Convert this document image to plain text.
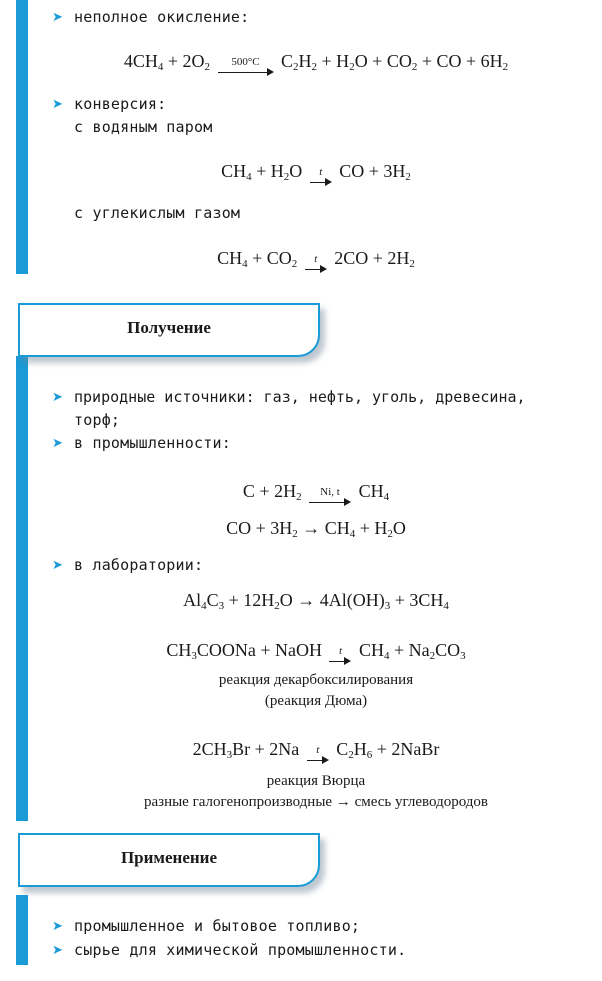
➤ неполное окисление:
$4CH_4 + 2O_2$	500°C	$C_2H_2 + H_2O + CO_2$ + CO + $6H_2$
➤ конверсия:
с водяным паром
$CH_4 + H_2O$	t CO + $3H_2$
с углекислым газом
$CH_4 + CO_2$	t $2CO + 2H_2$
Получение
➤ природные источники: газ, нефть, уголь, древесина,
торф;
➤ в промышленности:
$C + 2H_2$	Ni, t $CH_4$
CO + $3H_2 \to CH_4 + H_2O$
➤ в лаборатории:
$Al_4C_3 + 12H_2O \to 4Al(OH)_3 + 3CH_4$
$CH_3COONa$ + NaOH	t $CH_4 + Na_2CO_3$
реакция декарбоксилирования
(реакция Дюма)
$2CH_3Br + 2Na$	t $C_2H_6$ + 2NaBr
реакция Вюрца
разные галогенопроизводные → смесь углеводородов
Применение
➤ промышленное и бытовое топливо;
➤ сырье для химической промышленности.
